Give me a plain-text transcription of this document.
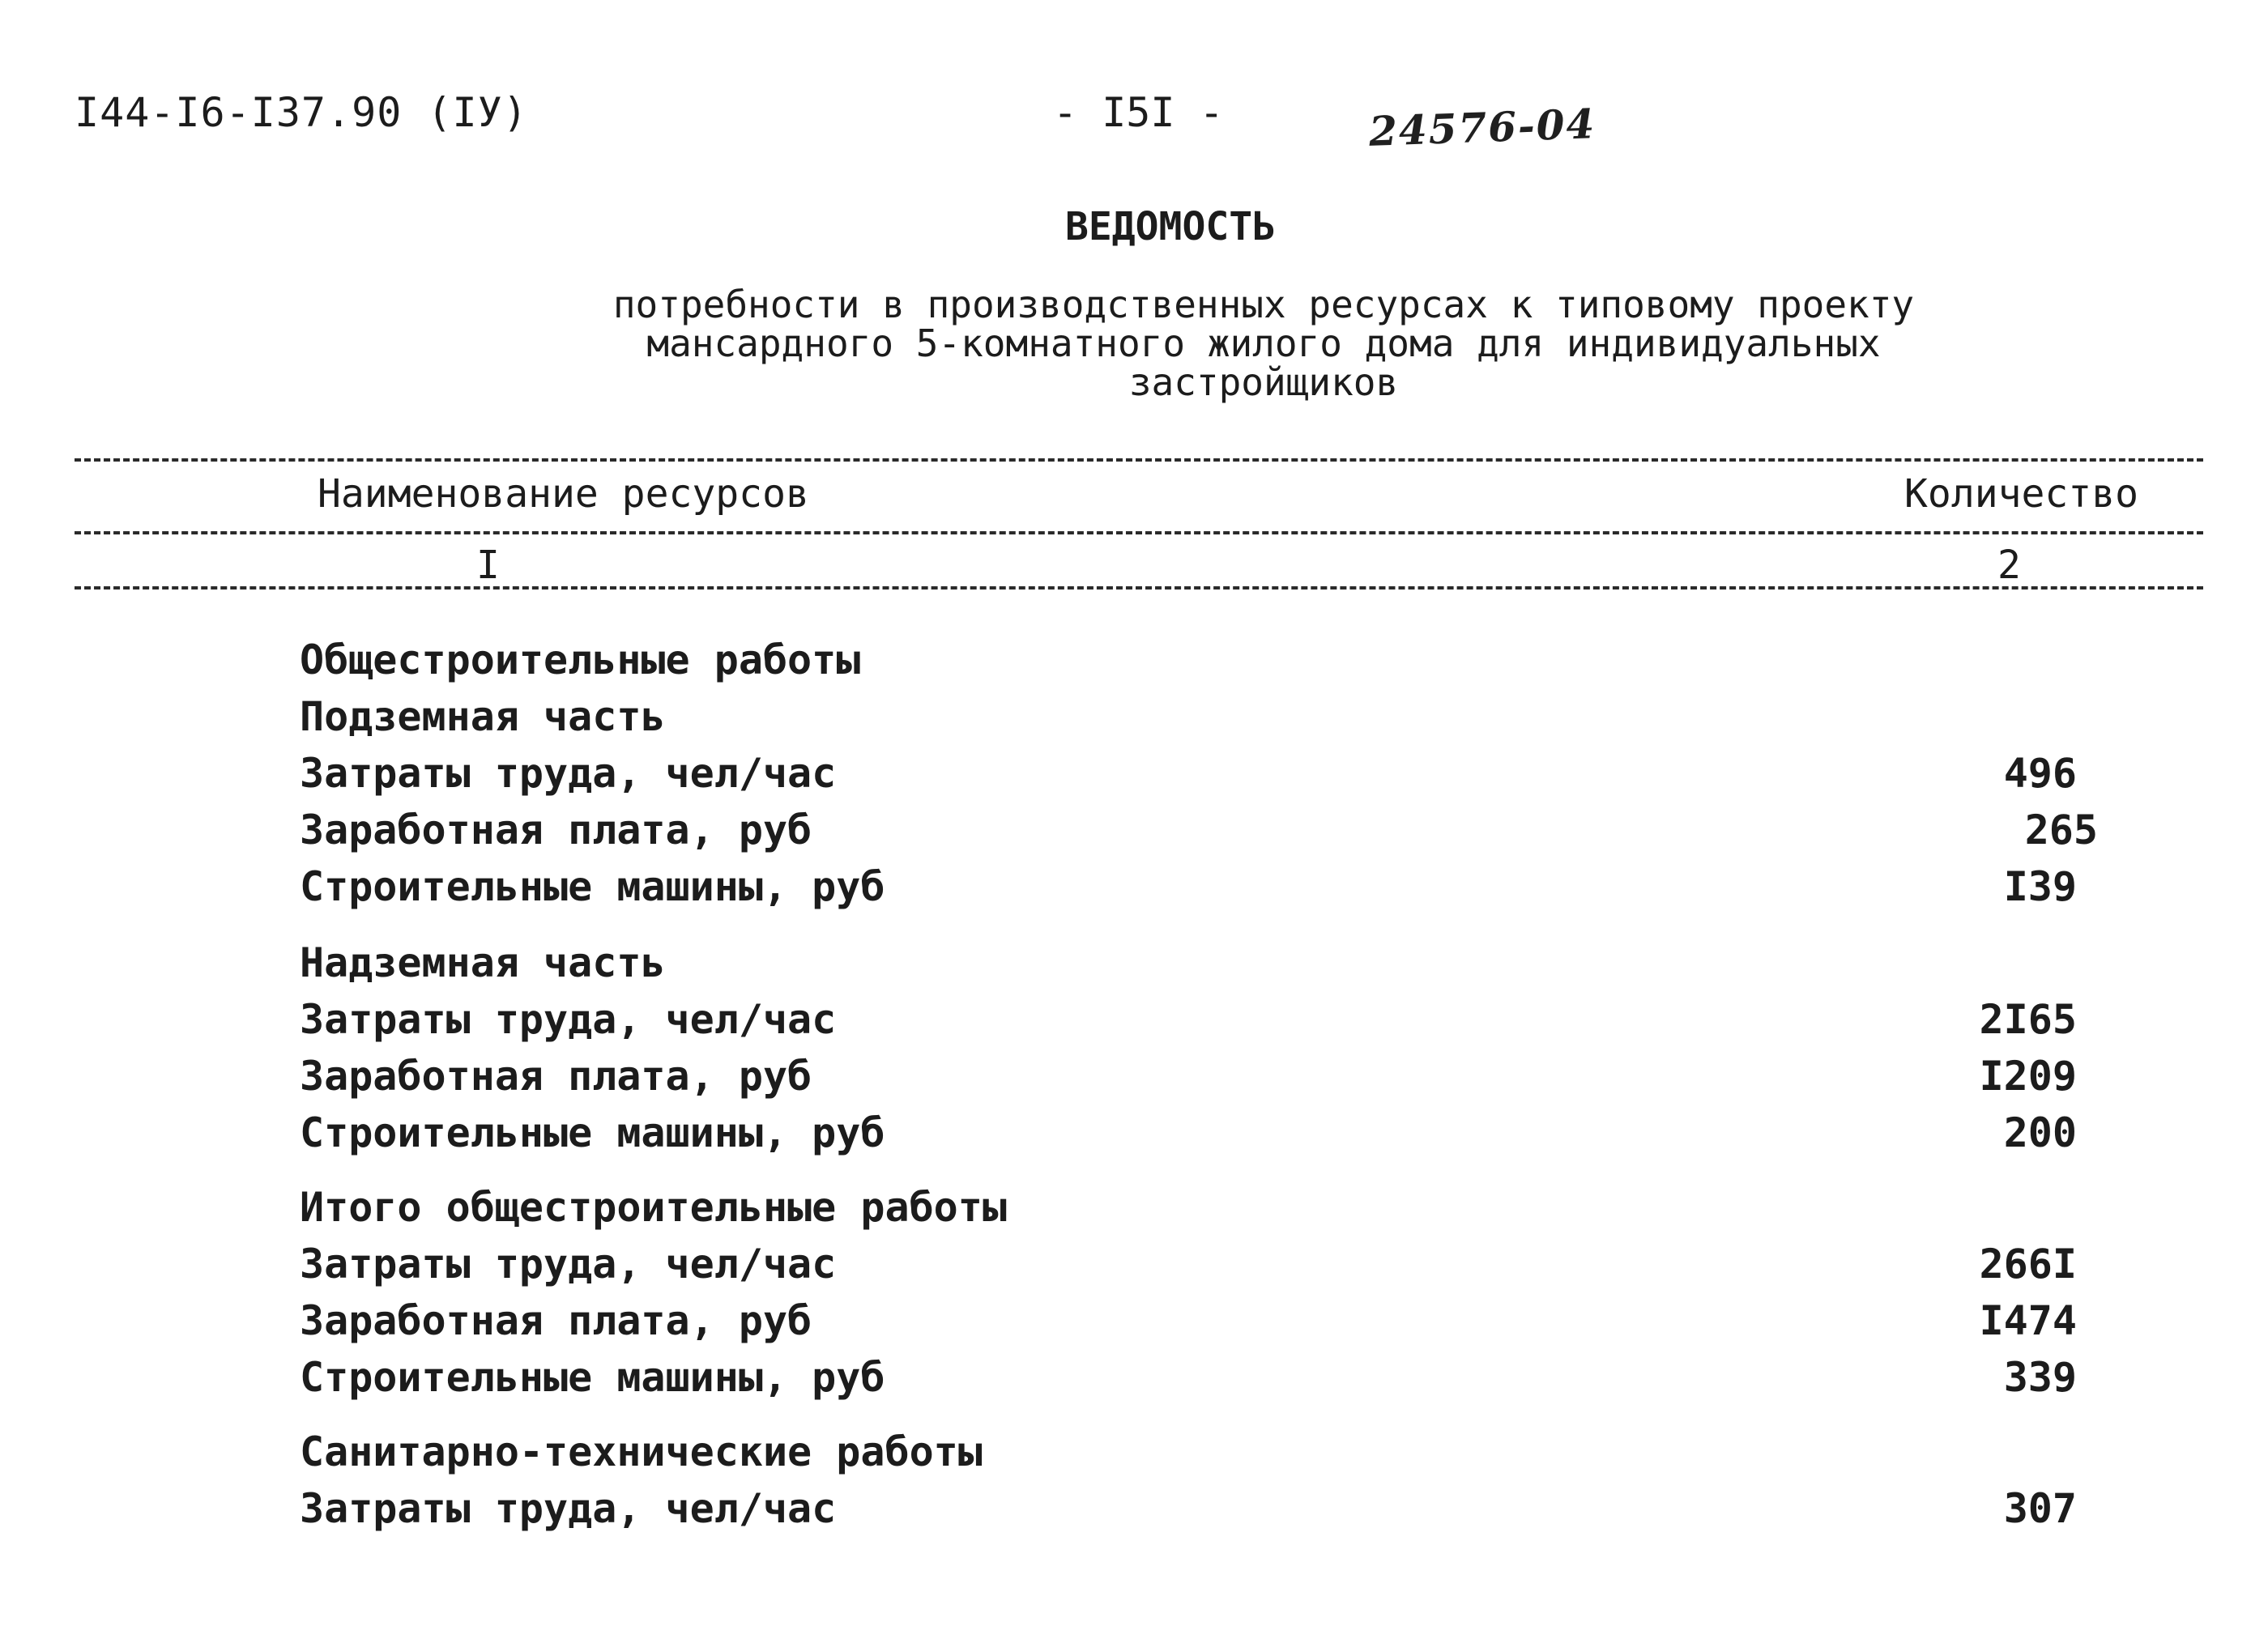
I44-I6-I37.90 (IУ)	- I5I -	24576-04
ВЕДОМОСТЬ
потребности в производственных ресурсах к типовому проекту
мансардного 5-комнатного жилого дома для индивидуальных
застройщиков
Наименование ресурсов	Количество
I	2
Общестроительные работы
Подземная часть
Затраты труда, чел/час	496
Заработная плата, руб	265
Строительные машины, руб	I39
Надземная часть
Затраты труда, чел/час	2I65
Заработная плата, руб	I209
Строительные машины, руб	200
Итого общестроительные работы
Затраты труда, чел/час	266I
Заработная плата, руб	I474
Строительные машины, руб	339
Санитарно-технические работы
Затраты труда, чел/час	307
